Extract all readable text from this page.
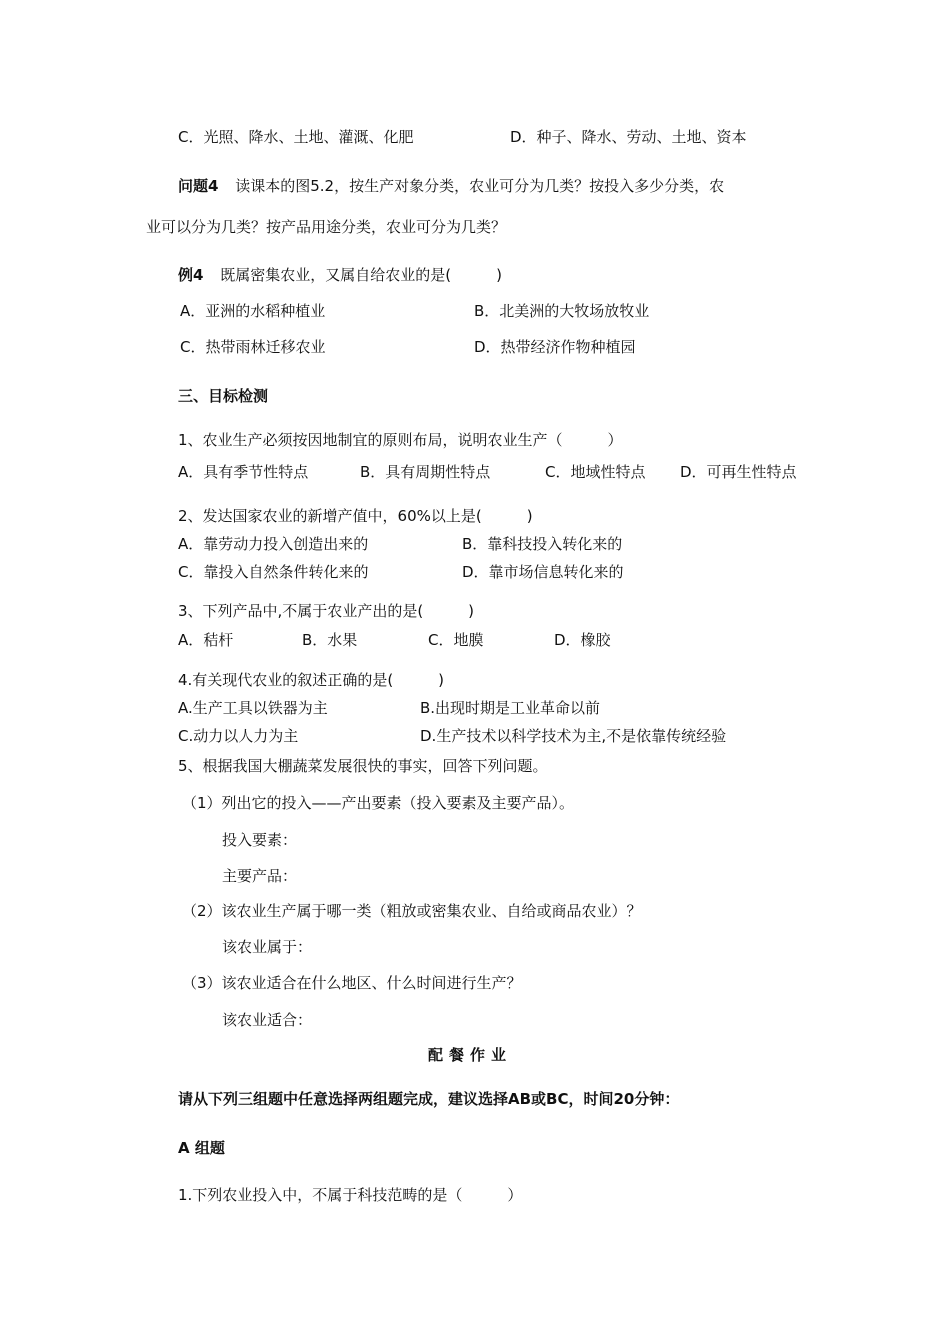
C．光照、降水、土地、灌溉、化肥	D．种子、降水、劳动、土地、资本
问题4 读课本的图5.2，按生产对象分类，农业可分为几类？按投入多少分类，农
业可以分为几类？按产品用途分类，农业可分为几类？
例4 既属密集农业，又属自给农业的是(　　　)
A．亚洲的水稻种植业	B．北美洲的大牧场放牧业
C．热带雨林迁移农业	D．热带经济作物种植园
三、目标检测
1、农业生产必须按因地制宜的原则布局，说明农业生产（　　　）
A．具有季节性特点	B．具有周期性特点	C．地域性特点 D．可再生性特点
2、发达国家农业的新增产值中，60%以上是(　　　)
A．靠劳动力投入创造出来的	B．靠科技投入转化来的
C．靠投入自然条件转化来的	D．靠市场信息转化来的
3、下列产品中,不属于农业产出的是(　　　)
A．秸杆	B．水果	C．地膜	D．橡胶
4.有关现代农业的叙述正确的是(　　　)
A.生产工具以铁器为主	B.出现时期是工业革命以前
C.动力以人力为主	D.生产技术以科学技术为主,不是依靠传统经验
5、根据我国大棚蔬菜发展很快的事实，回答下列问题。
（1）列出它的投入——产出要素（投入要素及主要产品）。
投入要素：
主要产品：
（2）该农业生产属于哪一类（粗放或密集农业、自给或商品农业）？
该农业属于：
（3）该农业适合在什么地区、什么时间进行生产？
该农业适合：
配餐作业
请从下列三组题中任意选择两组题完成，建议选择AB或BC，时间20分钟：
A 组题
1.下列农业投入中，不属于科技范畴的是（　　　）
